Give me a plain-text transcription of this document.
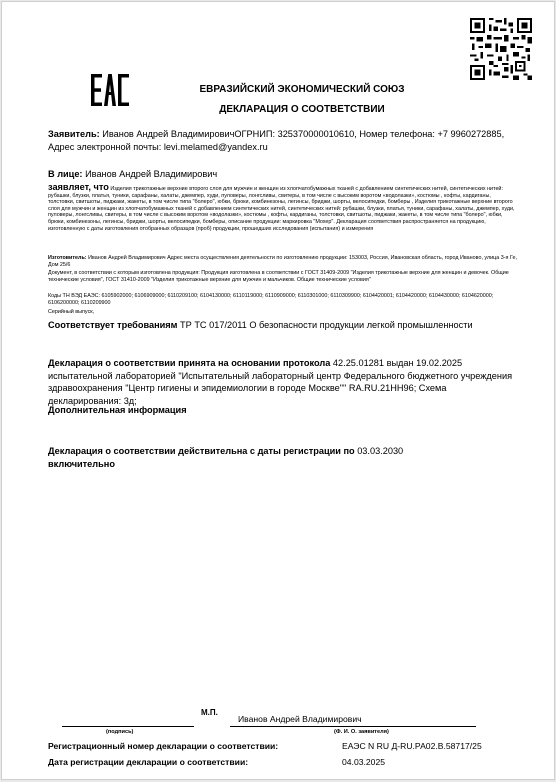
ЕВРАЗИЙСКИЙ ЭКОНОМИЧЕСКИЙ СОЮЗ
ДЕКЛАРАЦИЯ О СООТВЕТСТВИИ
Заявитель: Иванов Андрей ВладимировичОГРНИП: 325370000010610, Номер телефона: +7 9960272885, Адрес электронной почты: levi.melamed@yandex.ru
В лице: Иванов Андрей Владимирович
заявляет, что Изделия трикотажные верхние второго слоя для мужчин и женщин из хлопчатобумажных тканей с добавлением синтетических нитей, синтетических нитей: рубашки, блузки, платья, туники, сарафаны, халаты, джемпер, худи, пуловеры, лонгсливы, свитеры, в том числе с высоким воротом «водолазки», костюмы , кофты, кардиганы, толстовки, свитшоты, пиджаки, жакеты, в том числе типа "болеро", юбки, брюки, комбинезоны, легинсы, бриджи, шорты, велосипедки, бомберы , Изделия трикотажные верхние второго слоя для мужчин и женщин из хлопчатобумажных тканей с добавлением синтетических нитей, синтетических нитей: рубашки, блузки, платья, туники, сарафаны, халаты, джемпер, худи, пуловеры, лонгсливы, свитеры, в том числе с высоким воротом «водолазки», костюмы , кофты, кардиганы, толстовки, свитшоты, пиджаки, жакеты, в том числе типа "болеро", юбки, брюки, комбинезоны, легинсы, бриджи, шорты, велосипедки, бомберы, описание продукции: маркировка "Мохер". Декларация соответствия распространяется на продукцию, изготовленную с даты изготовления отобранных образцов (проб) продукции, прошедших исследования (испытания) и измерения
Изготовитель: Иванов Андрей Владимирович Адрес места осуществления деятельности по изготовлению продукции: 153003, Россия, Ивановская область, город Иваново, улица 3-я Ге, Дом 25/6
Документ, в соответствии с которым изготовлена продукция: Продукция изготовлена в соответствии с ГОСТ 31409-2009 "Изделия трикотажные верхние для женщин и девочек. Общие технические условия", ГОСТ 31410-2009 "Изделия трикотажные верхние для мужчин и мальчиков. Общие технические условия"
Коды ТН ВЭД ЕАЭС: 6105902000; 6106909000; 6110209100; 6104130000; 6110119000; 6110909000; 6110301000; 6110309900; 6104420001; 6104420000; 6104430000; 6104620000; 6106200000; 6110209900
Серийный выпуск,
Соответствует требованиям ТР ТС 017/2011 О безопасности продукции легкой промышленности
Декларация о соответствии принята на основании протокола 42.25.01281 выдан 19.02.2025 испытательной лабораторией "Испытательный лабораторный центр Федерального бюджетного учреждения здравоохранения "Центр гигиены и эпидемиологии в городе Москве"" RA.RU.21НН96; Схема декларирования: 3д;
Дополнительная информация
Декларация о соответствии действительна с даты регистрации по 03.03.2030
включительно
М.П.
Иванов Андрей Владимирович
(подпись)	(Ф. И. О. заявителя)
Регистрационный номер декларации о соответствии:	ЕАЭС N RU Д-RU.РА02.В.58717/25
Дата регистрации декларации о соответствии:	04.03.2025
